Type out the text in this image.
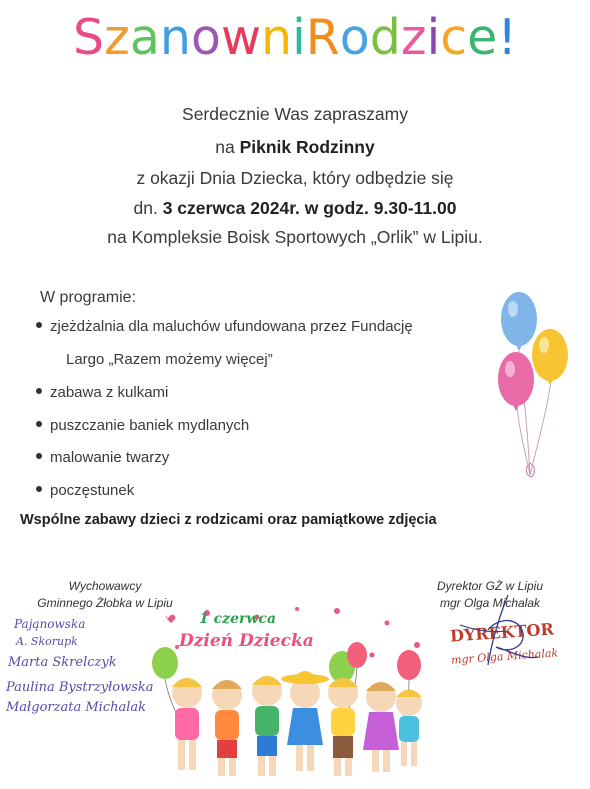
SzanowniRodzice!
Serdecznie Was zapraszamy
na Piknik Rodzinny
z okazji Dnia Dziecka, który odbędzie się
dn. 3 czerwca 2024r. w godz. 9.30-11.00
na Kompleksie Boisk Sportowych „Orlik” w Lipiu.
W programie:
zjeżdżalnia dla maluchów ufundowana przez Fundację
Largo „Razem możemy więcej”
zabawa z kulkami
puszczanie baniek mydlanych
malowanie twarzy
poczęstunek
Wspólne zabawy dzieci z rodzicami oraz pamiątkowe zdjęcia
Wychowawcy
Gminnego Żłobka w Lipiu
Pająnowska
A. Skorupk
Marta Skrelczyk
Paulina Bystrzyłowska
Małgorzata Michalak
Dyrektor GŻ w Lipiu
mgr Olga Michalak
DYREKTOR
mgr Olga Michalak
1 czerwca
Dzień Dziecka
